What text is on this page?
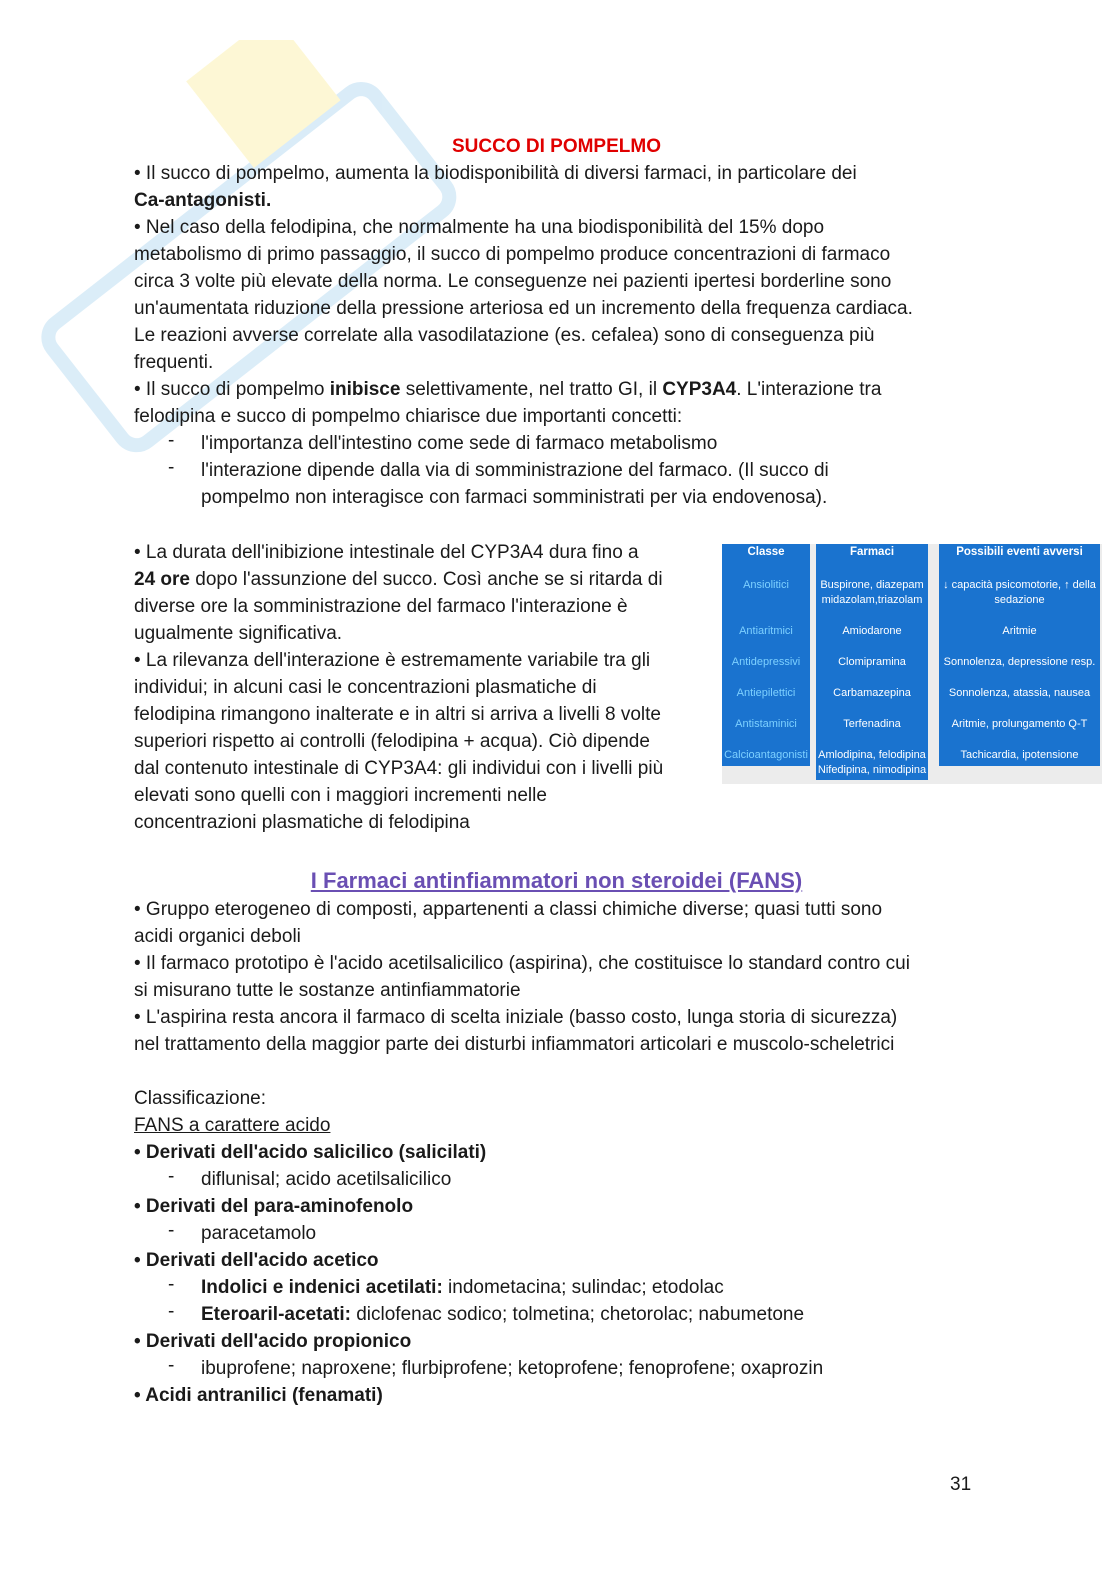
SUCCO DI POMPELMO
• Il succo di pompelmo, aumenta la biodisponibilità di diversi farmaci, in particolare dei
Ca-antagonisti.
• Nel caso della felodipina, che normalmente ha una biodisponibilità del 15% dopo
metabolismo di primo passaggio, il succo di pompelmo produce concentrazioni di farmaco
circa 3 volte più elevate della norma. Le conseguenze nei pazienti ipertesi borderline sono
un'aumentata riduzione della pressione arteriosa ed un incremento della frequenza cardiaca.
Le reazioni avverse correlate alla vasodilatazione (es. cefalea) sono di conseguenza più
frequenti.
• Il succo di pompelmo inibisce selettivamente, nel tratto GI, il CYP3A4. L'interazione tra
felodipina e succo di pompelmo chiarisce due importanti concetti:
- l'importanza dell'intestino come sede di farmaco metabolismo
- l'interazione dipende dalla via di somministrazione del farmaco. (Il succo di
pompelmo non interagisce con farmaci somministrati per via endovenosa).
• La durata dell'inibizione intestinale del CYP3A4 dura fino a
24 ore dopo l'assunzione del succo. Così anche se si ritarda di
diverse ore la somministrazione del farmaco l'interazione è
ugualmente significativa.
• La rilevanza dell'interazione è estremamente variabile tra gli
individui; in alcuni casi le concentrazioni plasmatiche di
felodipina rimangono inalterate e in altri si arriva a livelli 8 volte
superiori rispetto ai controlli (felodipina + acqua). Ciò dipende
dal contenuto intestinale di CYP3A4: gli individui con i livelli più
elevati sono quelli con i maggiori incrementi nelle
concentrazioni plasmatiche di felodipina
I Farmaci antinfiammatori non steroidei (FANS)
• Gruppo eterogeneo di composti, appartenenti a classi chimiche diverse; quasi tutti sono
acidi organici deboli
• Il farmaco prototipo è l'acido acetilsalicilico (aspirina), che costituisce lo standard contro cui
si misurano tutte le sostanze antinfiammatorie
• L'aspirina resta ancora il farmaco di scelta iniziale (basso costo, lunga storia di sicurezza)
nel trattamento della maggior parte dei disturbi infiammatori articolari e muscolo-scheletrici
Classificazione:
FANS a carattere acido
• Derivati dell'acido salicilico (salicilati)
- diflunisal; acido acetilsalicilico
• Derivati del para-aminofenolo
- paracetamolo
• Derivati dell'acido acetico
- Indolici e indenici acetilati: indometacina; sulindac; etodolac
- Eteroaril-acetati: diclofenac sodico; tolmetina; chetorolac; nabumetone
• Derivati dell'acido propionico
- ibuprofene; naproxene; flurbiprofene; ketoprofene; fenoprofene; oxaprozin
• Acidi antranilici (fenamati)
Classe
Ansiolitici
Antiaritmici
Antidepressivi
Antiepilettici
Antistaminici
Calcioantagonisti
Farmaci
Buspirone, diazepam
midazolam,triazolam
Amiodarone
Clomipramina
Carbamazepina
Terfenadina
Amlodipina, felodipina
Nifedipina, nimodipina
Possibili eventi avversi
↓ capacità psicomotorie, ↑ della
sedazione
Aritmie
Sonnolenza, depressione resp.
Sonnolenza, atassia, nausea
Aritmie, prolungamento Q-T
Tachicardia, ipotensione
31
